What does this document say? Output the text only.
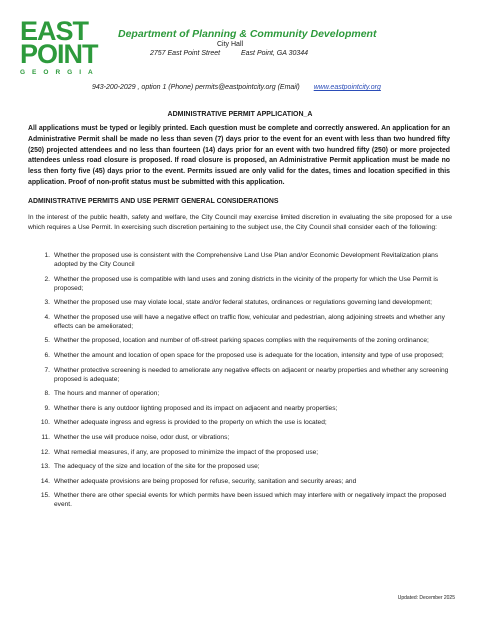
EAST
POINT
GEORGIA
Department of Planning & Community Development
City Hall
2757 East Point Street	East Point, GA 30344
943-200-2029 , option 1 (Phone) permits@eastpointcity.org (Email) www.eastpointcity.org
ADMINISTRATIVE PERMIT APPLICATION_A
All applications must be typed or legibly printed. Each question must be complete and correctly answered. An application for an Administrative Permit shall be made no less than seven (7) days prior to the event for an event with less than two hundred fifty (250) projected attendees and no less than fourteen (14) days prior for an event with two hundred fifty (250) or more projected attendees unless road closure is proposed. If road closure is proposed, an Administrative Permit application must be made no less then forty five (45) days prior to the event. Permits issued are only valid for the dates, times and location specified in this application. Proof of non-profit status must be submitted with this application.
ADMINISTRATIVE PERMITS AND USE PERMIT GENERAL CONSIDERATIONS
In the interest of the public health, safety and welfare, the City Council may exercise limited discretion in evaluating the site proposed for a use which requires a Use Permit. In exercising such discretion pertaining to the subject use, the City Council shall consider each of the following:
1. Whether the proposed use is consistent with the Comprehensive Land Use Plan and/or Economic Development Revitalization plans adopted by the City Council
2. Whether the proposed use is compatible with land uses and zoning districts in the vicinity of the property for which the Use Permit is proposed;
3. Whether the proposed use may violate local, state and/or federal statutes, ordinances or regulations governing land development;
4. Whether the proposed use will have a negative effect on traffic flow, vehicular and pedestrian, along adjoining streets and whether any effects can be ameliorated;
5. Whether the proposed, location and number of off-street parking spaces complies with the requirements of the zoning ordinance;
6. Whether the amount and location of open space for the proposed use is adequate for the location, intensity and type of use proposed;
7. Whether protective screening is needed to ameliorate any negative effects on adjacent or nearby properties and whether any screening proposed is adequate;
8. The hours and manner of operation;
9. Whether there is any outdoor lighting proposed and its impact on adjacent and nearby properties;
10. Whether adequate ingress and egress is provided to the property on which the use is located;
11. Whether the use will produce noise, odor dust, or vibrations;
12. What remedial measures, if any, are proposed to minimize the impact of the proposed use;
13. The adequacy of the size and location of the site for the proposed use;
14. Whether adequate provisions are being proposed for refuse, security, sanitation and security areas; and
15. Whether there are other special events for which permits have been issued which may interfere with or negatively impact the proposed event.
Updated: December 2025
